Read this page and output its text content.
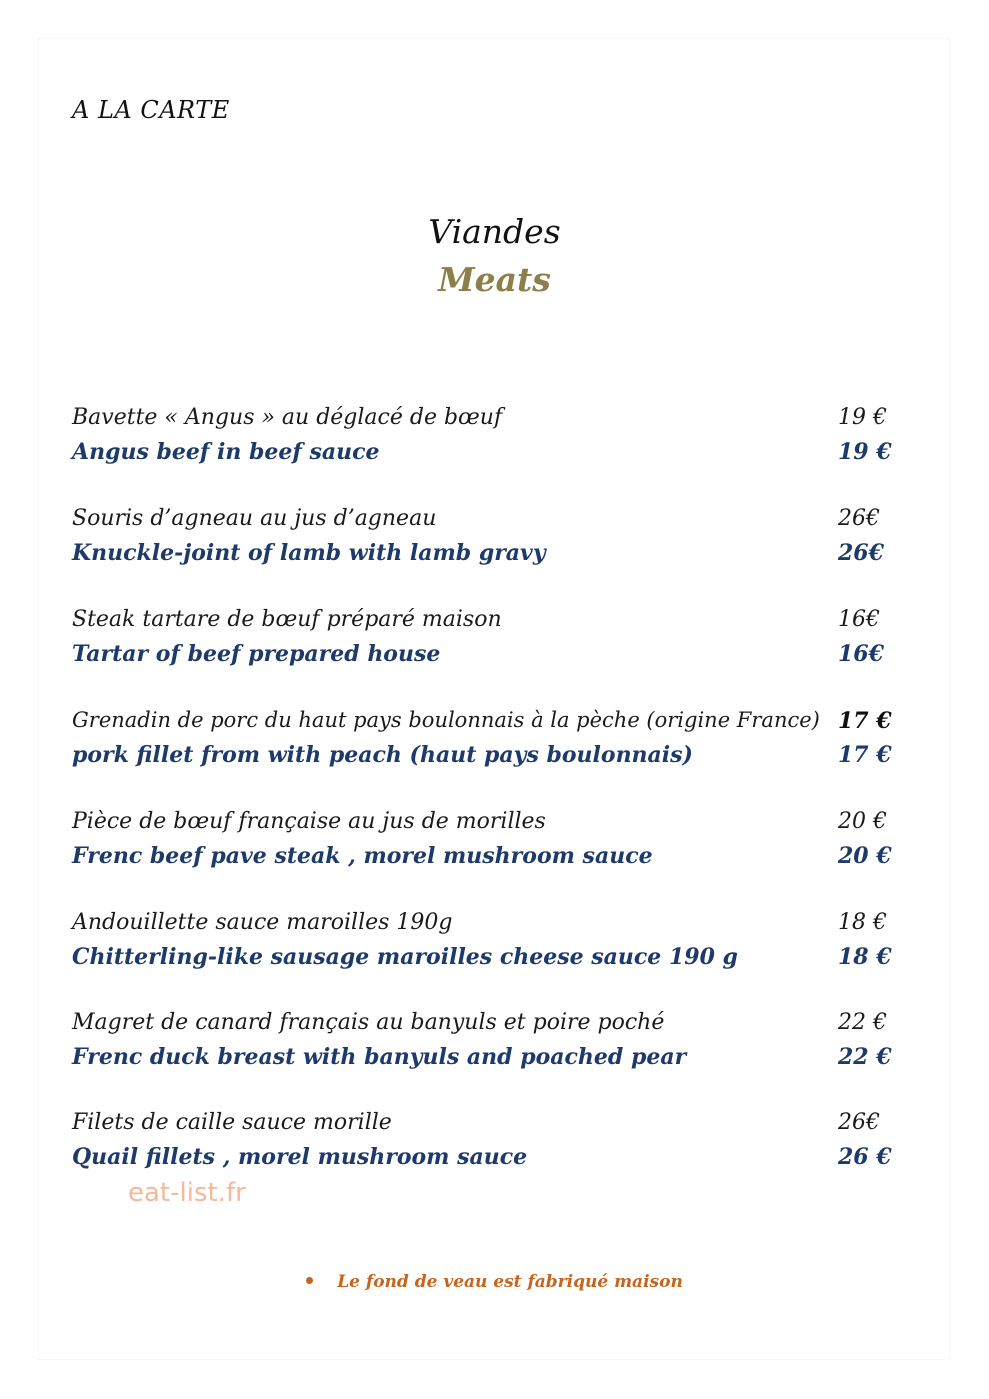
A LA CARTE
Viandes
Meats
Bavette « Angus » au déglacé de bœuf	19 €
Angus beef in beef sauce	19 €
Souris d’agneau au jus d’agneau	26€
Knuckle-joint of lamb with lamb gravy	26€
Steak tartare de bœuf préparé maison	16€
Tartar of beef prepared house	16€
Grenadin de porc du haut pays boulonnais à la pèche (origine France) 17 €
pork fillet from with peach (haut pays boulonnais)	17 €
Pièce de bœuf française au jus de morilles	20 €
Frenc beef pave steak , morel mushroom sauce	20 €
Andouillette sauce maroilles 190g	18 €
Chitterling-like sausage maroilles cheese sauce 190 g	18 €
Magret de canard français au banyuls et poire poché	22 €
Frenc duck breast with banyuls and poached pear	22 €
Filets de caille sauce morille	26€
Quail fillets , morel mushroom sauce	26 €
eat-list.fr
Le fond de veau est fabriqué maison
